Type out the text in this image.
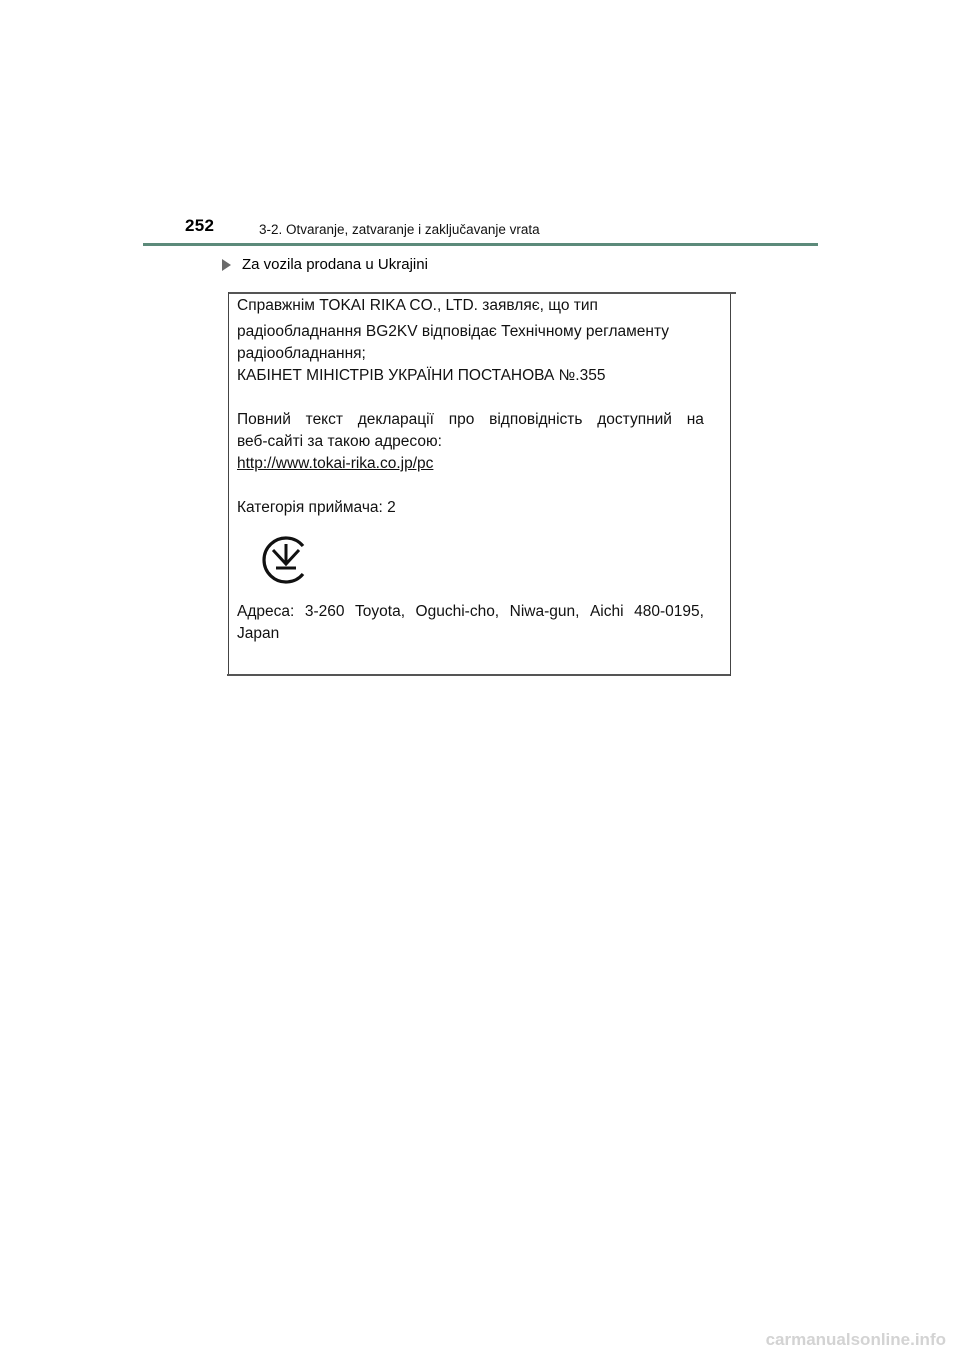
252	3-2. Otvaranje, zatvaranje i zaključavanje vrata
Za vozila prodana u Ukrajini
Справжнім TOKAI RIKA CO., LTD. заявляє, що тип
радіообладнання BG2KV відповідає Технічному регламенту
радіообладнання;
КАБІНЕТ МІНІСТРІВ УКРАЇНИ ПОСТАНОВА №.355
Повний текст декларації про відповідність доступний на
веб-сайті за такою адресою:
http://www.tokai-rika.co.jp/pc
Категорія приймача: 2
Адреса: 3-260 Toyota, Oguchi-cho, Niwa-gun, Aichi 480-0195,
Japan
carmanualsonline.info
